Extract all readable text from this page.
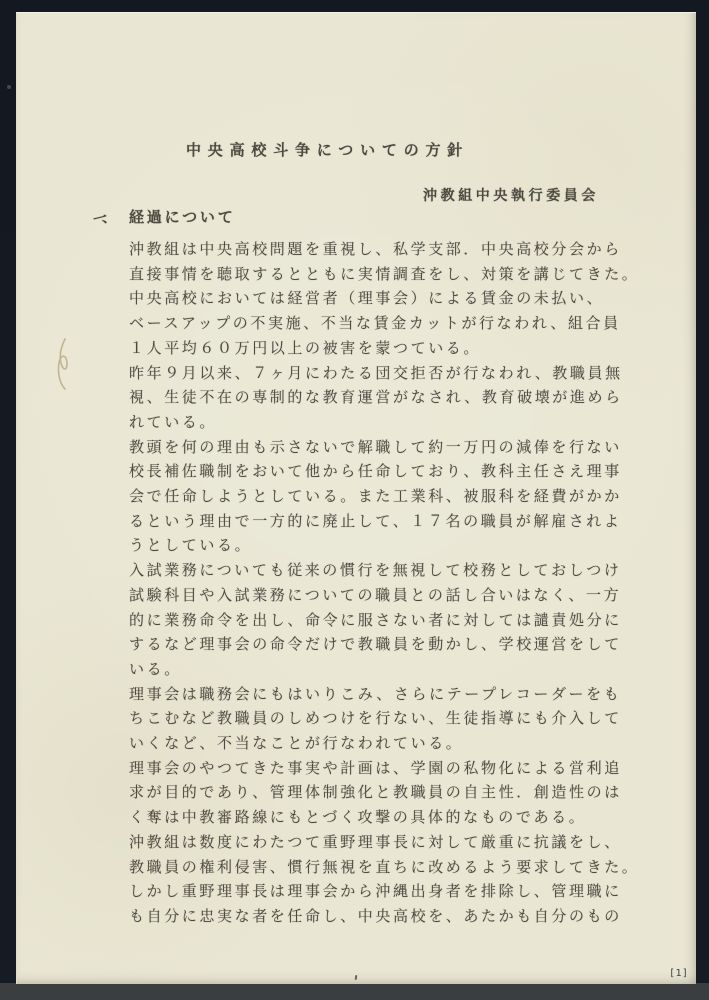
中央高校斗争についての方針
沖教組中央執行委員会
一、 経過について
沖教組は中央高校問題を重視し、私学支部．中央高校分会から
直接事情を聴取するとともに実情調査をし、対策を講じてきた。
中央高校においては経営者（理事会）による賃金の未払い、
ベースアップの不実施、不当な賃金カットが行なわれ、組合員
１人平均６０万円以上の被害を蒙つている。
昨年９月以来、７ヶ月にわたる団交拒否が行なわれ、教職員無
視、生徒不在の専制的な教育運営がなされ、教育破壊が進めら
れている。
教頭を何の理由も示さないで解職して約一万円の減俸を行ない
校長補佐職制をおいて他から任命しており、教科主任さえ理事
会で任命しようとしている。また工業科、被服科を経費がかか
るという理由で一方的に廃止して、１７名の職員が解雇されよ
うとしている。
入試業務についても従来の慣行を無視して校務としておしつけ
試験科目や入試業務についての職員との話し合いはなく、一方
的に業務命令を出し、命令に服さない者に対しては譴責処分に
するなど理事会の命令だけで教職員を動かし、学校運営をして
いる。
理事会は職務会にもはいりこみ、さらにテープレコーダーをも
ちこむなど教職員のしめつけを行ない、生徒指導にも介入して
いくなど、不当なことが行なわれている。
理事会のやつてきた事実や計画は、学園の私物化による営利追
求が目的であり、管理体制強化と教職員の自主性．創造性のは
く奪は中教審路線にもとづく攻撃の具体的なものである。
沖教組は数度にわたつて重野理事長に対して厳重に抗議をし、
教職員の権利侵害、慣行無視を直ちに改めるよう要求してきた。
しかし重野理事長は理事会から沖縄出身者を排除し、管理職に
も自分に忠実な者を任命し、中央高校を、あたかも自分のもの
[1]
